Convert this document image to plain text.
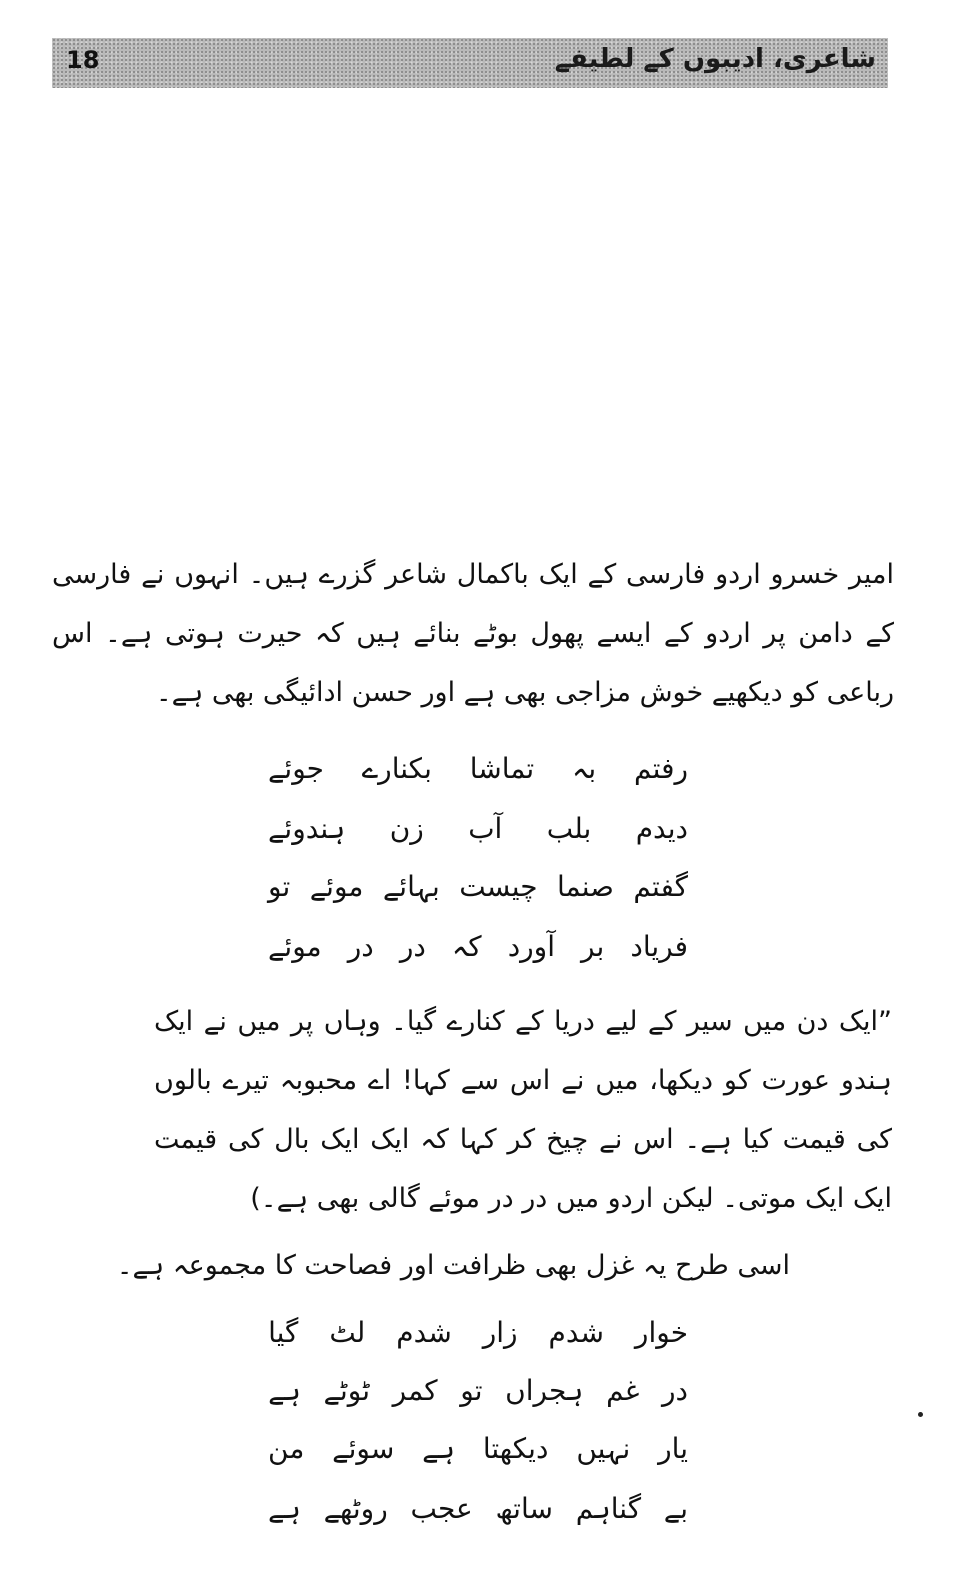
18	شاعری، ادیبوں کے لطیفے

امیر خسرو اردو فارسی کے ایک باکمال شاعر گزرے ہیں۔ انہوں نے فارسی کے دامن پر اردو کے ایسے پھول بوٹے بنائے ہیں کہ حیرت ہوتی ہے۔ اس رباعی کو دیکھیے خوش مزاجی بھی ہے اور حسن ادائیگی بھی ہے۔

رفتم
بہ
تماشا
بکنارے
جوئے
دیدم
بلب
آب
زن
ہندوئے
گفتم
صنما
چیست
بہائے
موئے
تو
فریاد
بر
آورد
کہ
در
در
موئے

”ایک دن میں سیر کے لیے دریا کے کنارے گیا۔ وہاں پر میں نے ایک ہندو عورت کو دیکھا، میں نے اس سے کہا! اے محبوبہ تیرے بالوں کی قیمت کیا ہے۔ اس نے چیخ کر کہا کہ ایک ایک بال کی قیمت ایک ایک موتی۔ لیکن اردو میں در در موئے گالی بھی ہے۔)

اسی طرح یہ غزل بھی ظرافت اور فصاحت کا مجموعہ ہے۔
خوار
شدم
زار
شدم
لٹ
گیا
در
غم
ہجراں
تو
کمر
ٹوٹے
ہے
یار
نہیں
دیکھتا
ہے
سوئے
من
بے
گناہم
ساتھ
عجب
روٹھے
ہے
